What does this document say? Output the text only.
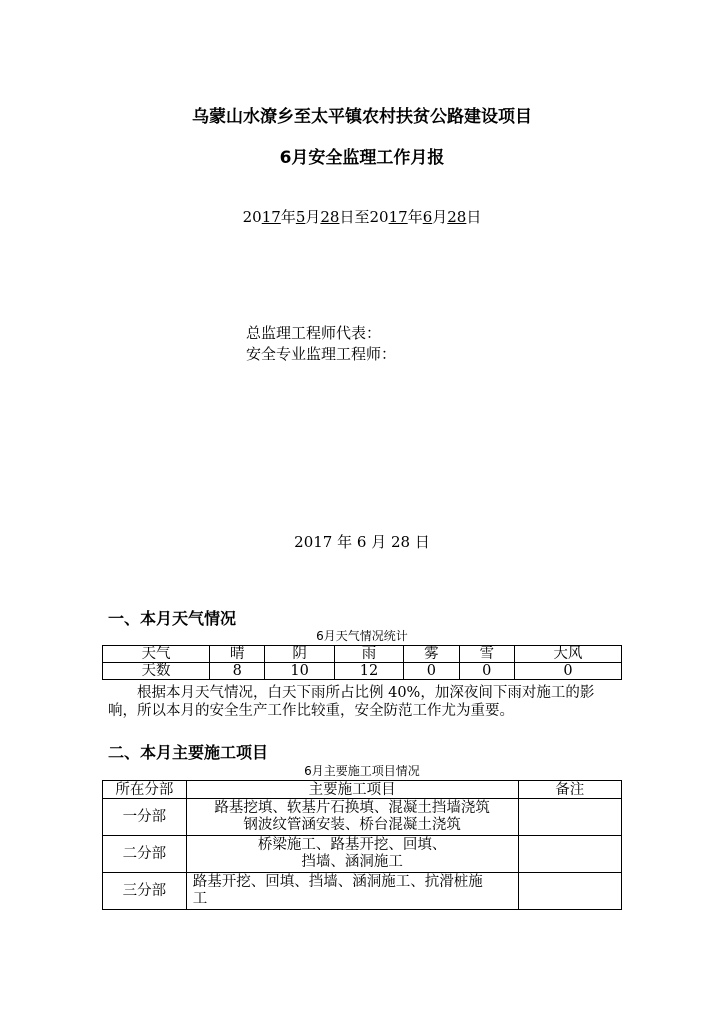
乌蒙山水潦乡至太平镇农村扶贫公路建设项目
6月安全监理工作月报
2017年5月28日至2017年6月28日
总监理工程师代表：
安全专业监理工程师：
2017 年 6 月 28 日
一、本月天气情况
6月天气情况统计
天气	晴	阴	雨	雾	雪	大风
天数	8	10	12	0	0	0
根据本月天气情况，白天下雨所占比例 40%，加深夜间下雨对施工的影响，所以本月的安全生产工作比较重，安全防范工作尤为重要。
二、本月主要施工项目
6月主要施工项目情况
所在分部	主要施工项目	备注
一分部	路基挖填、软基片石换填、混凝土挡墙浇筑
钢波纹管涵安装、桥台混凝土浇筑	

二分部	桥梁施工、路基开挖、回填、
挡墙、涵洞施工	

三分部	路基开挖、回填、挡墙、涵洞施工、抗滑桩施
工	
